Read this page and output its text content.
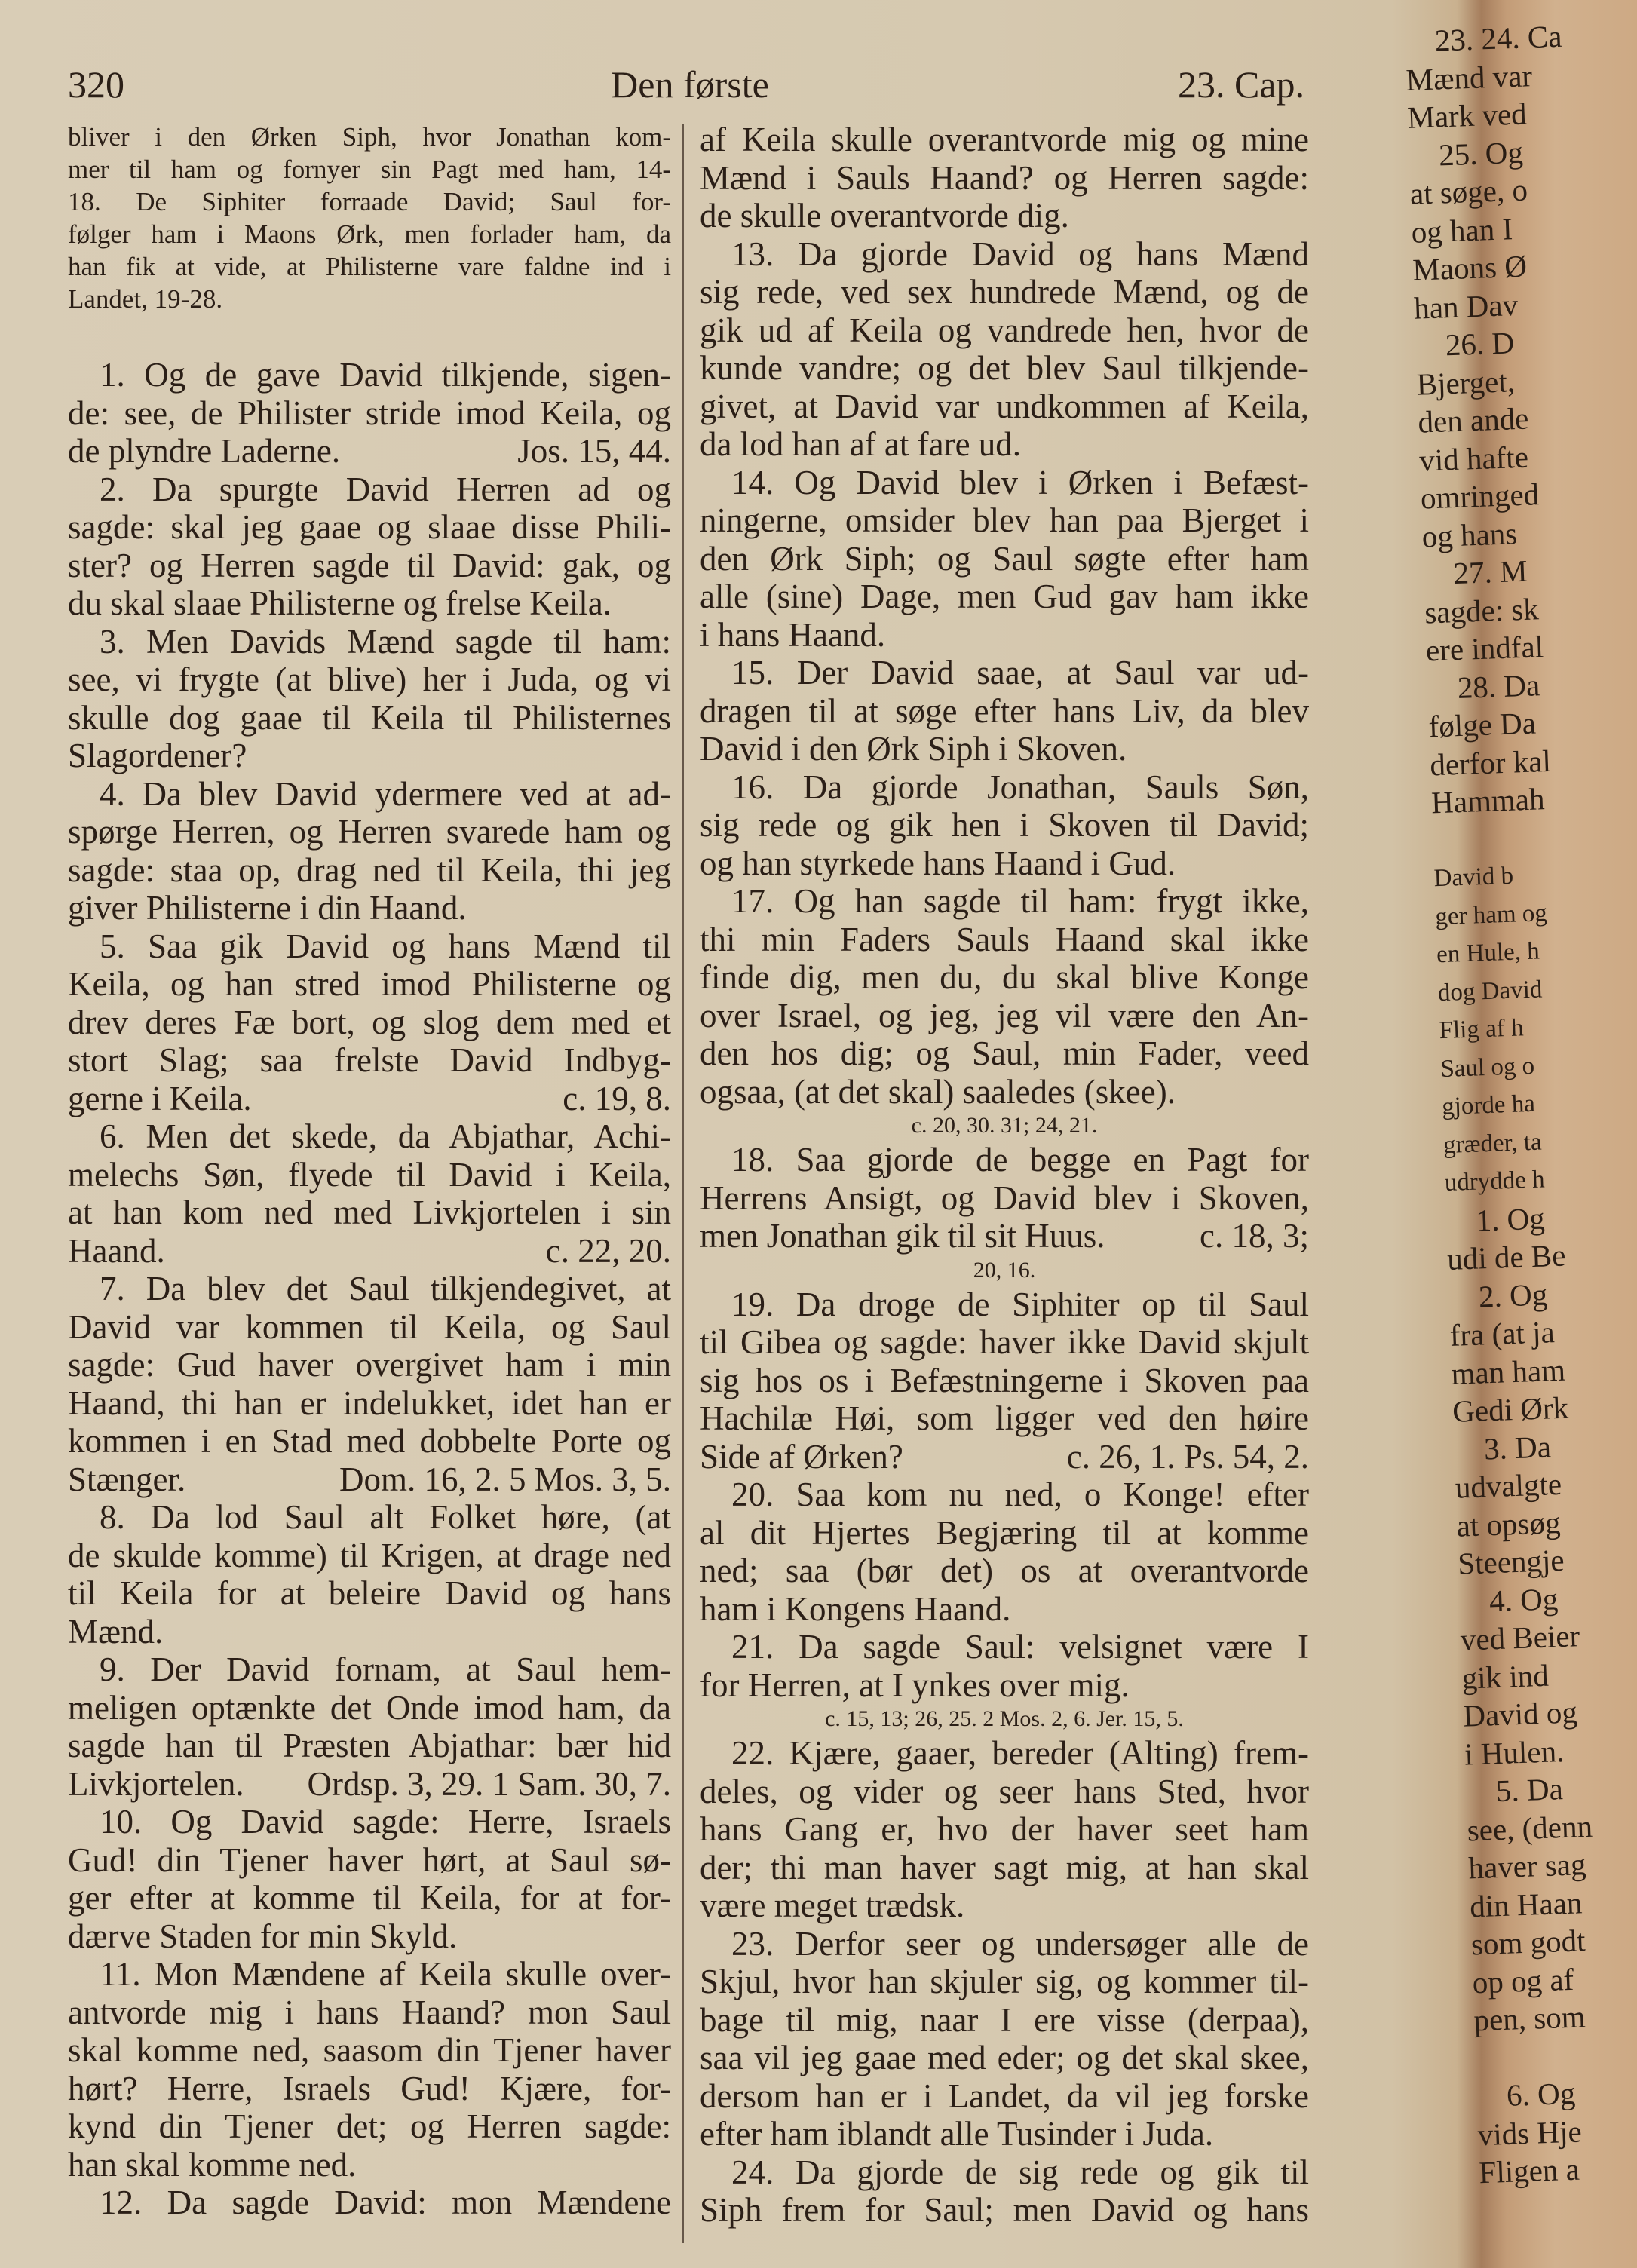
320	Den første	23. Cap.
bliver i den Ørken Siph, hvor Jonathan kom-
mer til ham og fornyer sin Pagt med ham, 14-
18. De Siphiter forraade David; Saul for-
følger ham i Maons Ørk, men forlader ham, da
han fik at vide, at Philisterne vare faldne ind i
Landet, 19-28.
1. Og de gave David tilkjende, sigen-
de: see, de Philister stride imod Keila, og
de plyndre Laderne.	Jos. 15, 44.
2. Da spurgte David Herren ad og
sagde: skal jeg gaae og slaae disse Phili-
ster? og Herren sagde til David: gak, og
du skal slaae Philisterne og frelse Keila.
3. Men Davids Mænd sagde til ham:
see, vi frygte (at blive) her i Juda, og vi
skulle dog gaae til Keila til Philisternes
Slagordener?
4. Da blev David ydermere ved at ad-
spørge Herren, og Herren svarede ham og
sagde: staa op, drag ned til Keila, thi jeg
giver Philisterne i din Haand.
5. Saa gik David og hans Mænd til
Keila, og han stred imod Philisterne og
drev deres Fæ bort, og slog dem med et
stort Slag; saa frelste David Indbyg-
gerne i Keila.	c. 19, 8.
6. Men det skede, da Abjathar, Achi-
melechs Søn, flyede til David i Keila,
at han kom ned med Livkjortelen i sin
Haand.	c. 22, 20.
7. Da blev det Saul tilkjendegivet, at
David var kommen til Keila, og Saul
sagde: Gud haver overgivet ham i min
Haand, thi han er indelukket, idet han er
kommen i en Stad med dobbelte Porte og
Stænger.	Dom. 16, 2. 5 Mos. 3, 5.
8. Da lod Saul alt Folket høre, (at
de skulde komme) til Krigen, at drage ned
til Keila for at beleire David og hans
Mænd.
9. Der David fornam, at Saul hem-
meligen optænkte det Onde imod ham, da
sagde han til Præsten Abjathar: bær hid
Livkjortelen. Ordsp. 3, 29. 1 Sam. 30, 7.
10. Og David sagde: Herre, Israels
Gud! din Tjener haver hørt, at Saul sø-
ger efter at komme til Keila, for at for-
dærve Staden for min Skyld.
11. Mon Mændene af Keila skulle over-
antvorde mig i hans Haand? mon Saul
skal komme ned, saasom din Tjener haver
hørt? Herre, Israels Gud! Kjære, for-
kynd din Tjener det; og Herren sagde:
han skal komme ned.
12. Da sagde David: mon Mændene
af Keila skulle overantvorde mig og mine
Mænd i Sauls Haand? og Herren sagde:
de skulle overantvorde dig.
13. Da gjorde David og hans Mænd
sig rede, ved sex hundrede Mænd, og de
gik ud af Keila og vandrede hen, hvor de
kunde vandre; og det blev Saul tilkjende-
givet, at David var undkommen af Keila,
da lod han af at fare ud.
14. Og David blev i Ørken i Befæst-
ningerne, omsider blev han paa Bjerget i
den Ørk Siph; og Saul søgte efter ham
alle (sine) Dage, men Gud gav ham ikke
i hans Haand.
15. Der David saae, at Saul var ud-
dragen til at søge efter hans Liv, da blev
David i den Ørk Siph i Skoven.
16. Da gjorde Jonathan, Sauls Søn,
sig rede og gik hen i Skoven til David;
og han styrkede hans Haand i Gud.
17. Og han sagde til ham: frygt ikke,
thi min Faders Sauls Haand skal ikke
finde dig, men du, du skal blive Konge
over Israel, og jeg, jeg vil være den An-
den hos dig; og Saul, min Fader, veed
ogsaa, (at det skal) saaledes (skee).
c. 20, 30. 31; 24, 21.
18. Saa gjorde de begge en Pagt for
Herrens Ansigt, og David blev i Skoven,
men Jonathan gik til sit Huus.	c. 18, 3;
20, 16.
19. Da droge de Siphiter op til Saul
til Gibea og sagde: haver ikke David skjult
sig hos os i Befæstningerne i Skoven paa
Hachilæ Høi, som ligger ved den høire
Side af Ørken?	c. 26, 1. Ps. 54, 2.
20. Saa kom nu ned, o Konge! efter
al dit Hjertes Begjæring til at komme
ned; saa (bør det) os at overantvorde
ham i Kongens Haand.
21. Da sagde Saul: velsignet være I
for Herren, at I ynkes over mig.
c. 15, 13; 26, 25. 2 Mos. 2, 6. Jer. 15, 5.
22. Kjære, gaaer, bereder (Alting) frem-
deles, og vider og seer hans Sted, hvor
hans Gang er, hvo der haver seet ham
der; thi man haver sagt mig, at han skal
være meget trædsk.
23. Derfor seer og undersøger alle de
Skjul, hvor han skjuler sig, og kommer til-
bage til mig, naar I ere visse (derpaa),
saa vil jeg gaae med eder; og det skal skee,
dersom han er i Landet, da vil jeg forske
efter ham iblandt alle Tusinder i Juda.
24. Da gjorde de sig rede og gik til
Siph frem for Saul; men David og hans
23. 24. Ca
Mænd var
Mark ved
25. Og
at søge, o
og han I
Maons Ø
han Dav
26. D
Bjerget,
den ande
vid hafte
omringed
og hans
27. M
sagde: sk
ere indfal
28. Da
følge Da
derfor kal
Hammah

David b
ger ham og
en Hule, h
dog David
Flig af h
Saul og o
gjorde ha
græder, ta
udrydde h
1. Og
udi de Be
2. Og
fra (at ja
man ham
Gedi Ørk
3. Da
udvalgte
at opsøg
Steengje
4. Og
ved Beier
gik ind
David og
i Hulen.
5. Da
see, (denn
haver sag
din Haan
som godt
op og af
pen, som

6. Og
vids Hje
Fligen a
